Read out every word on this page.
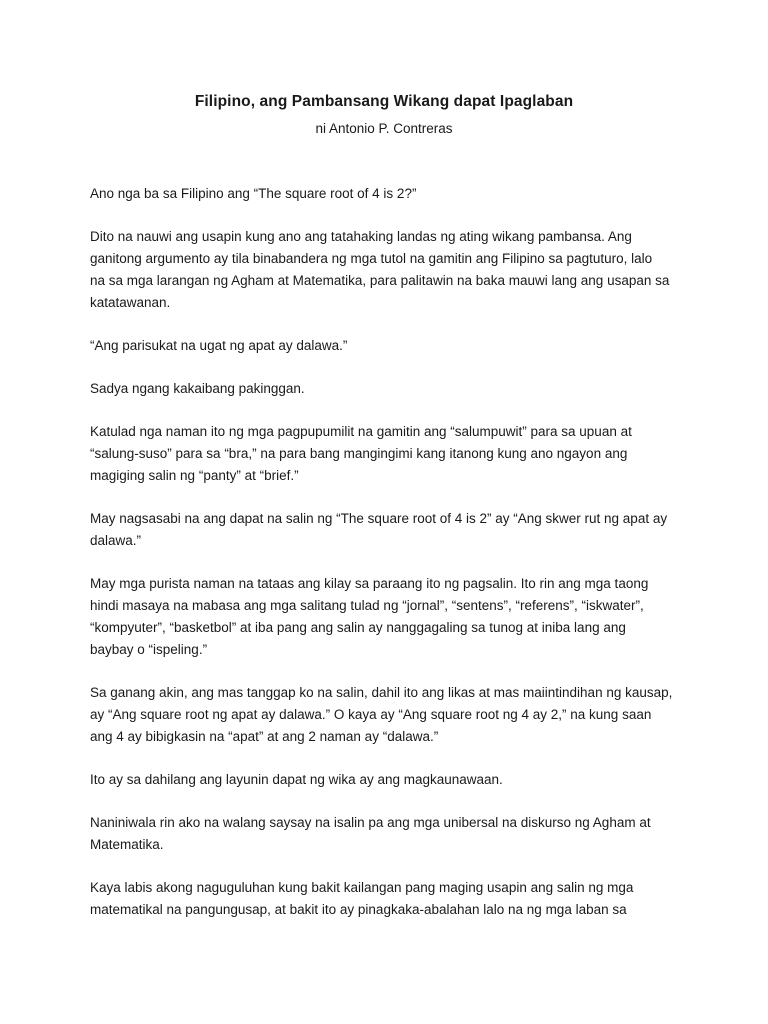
Filipino, ang Pambansang Wikang dapat Ipaglaban

ni Antonio P. Contreras

Ano nga ba sa Filipino ang “The square root of 4 is 2?”

Dito na nauwi ang usapin kung ano ang tatahaking landas ng ating wikang pambansa. Ang
ganitong argumento ay tila binabandera ng mga tutol na gamitin ang Filipino sa pagtuturo, lalo
na sa mga larangan ng Agham at Matematika, para palitawin na baka mauwi lang ang usapan sa
katatawanan.

“Ang parisukat na ugat ng apat ay dalawa.”

Sadya ngang kakaibang pakinggan.

Katulad nga naman ito ng mga pagpupumilit na gamitin ang “salumpuwit” para sa upuan at
“salung-suso” para sa “bra,” na para bang mangingimi kang itanong kung ano ngayon ang
magiging salin ng “panty” at “brief.”

May nagsasabi na ang dapat na salin ng “The square root of 4 is 2” ay “Ang skwer rut ng apat ay
dalawa.”

May mga purista naman na tataas ang kilay sa paraang ito ng pagsalin. Ito rin ang mga taong
hindi masaya na mabasa ang mga salitang tulad ng “jornal”, “sentens”, “referens”, “iskwater”,
“kompyuter”, “basketbol” at iba pang ang salin ay nanggagaling sa tunog at iniba lang ang
baybay o “ispeling.”

Sa ganang akin, ang mas tanggap ko na salin, dahil ito ang likas at mas maiintindihan ng kausap,
ay “Ang square root ng apat ay dalawa.” O kaya ay “Ang square root ng 4 ay 2,” na kung saan
ang 4 ay bibigkasin na “apat” at ang 2 naman ay “dalawa.”

Ito ay sa dahilang ang layunin dapat ng wika ay ang magkaunawaan.

Naniniwala rin ako na walang saysay na isalin pa ang mga unibersal na diskurso ng Agham at
Matematika.

Kaya labis akong naguguluhan kung bakit kailangan pang maging usapin ang salin ng mga
matematikal na pangungusap, at bakit ito ay pinagkaka-abalahan lalo na ng mga laban sa
